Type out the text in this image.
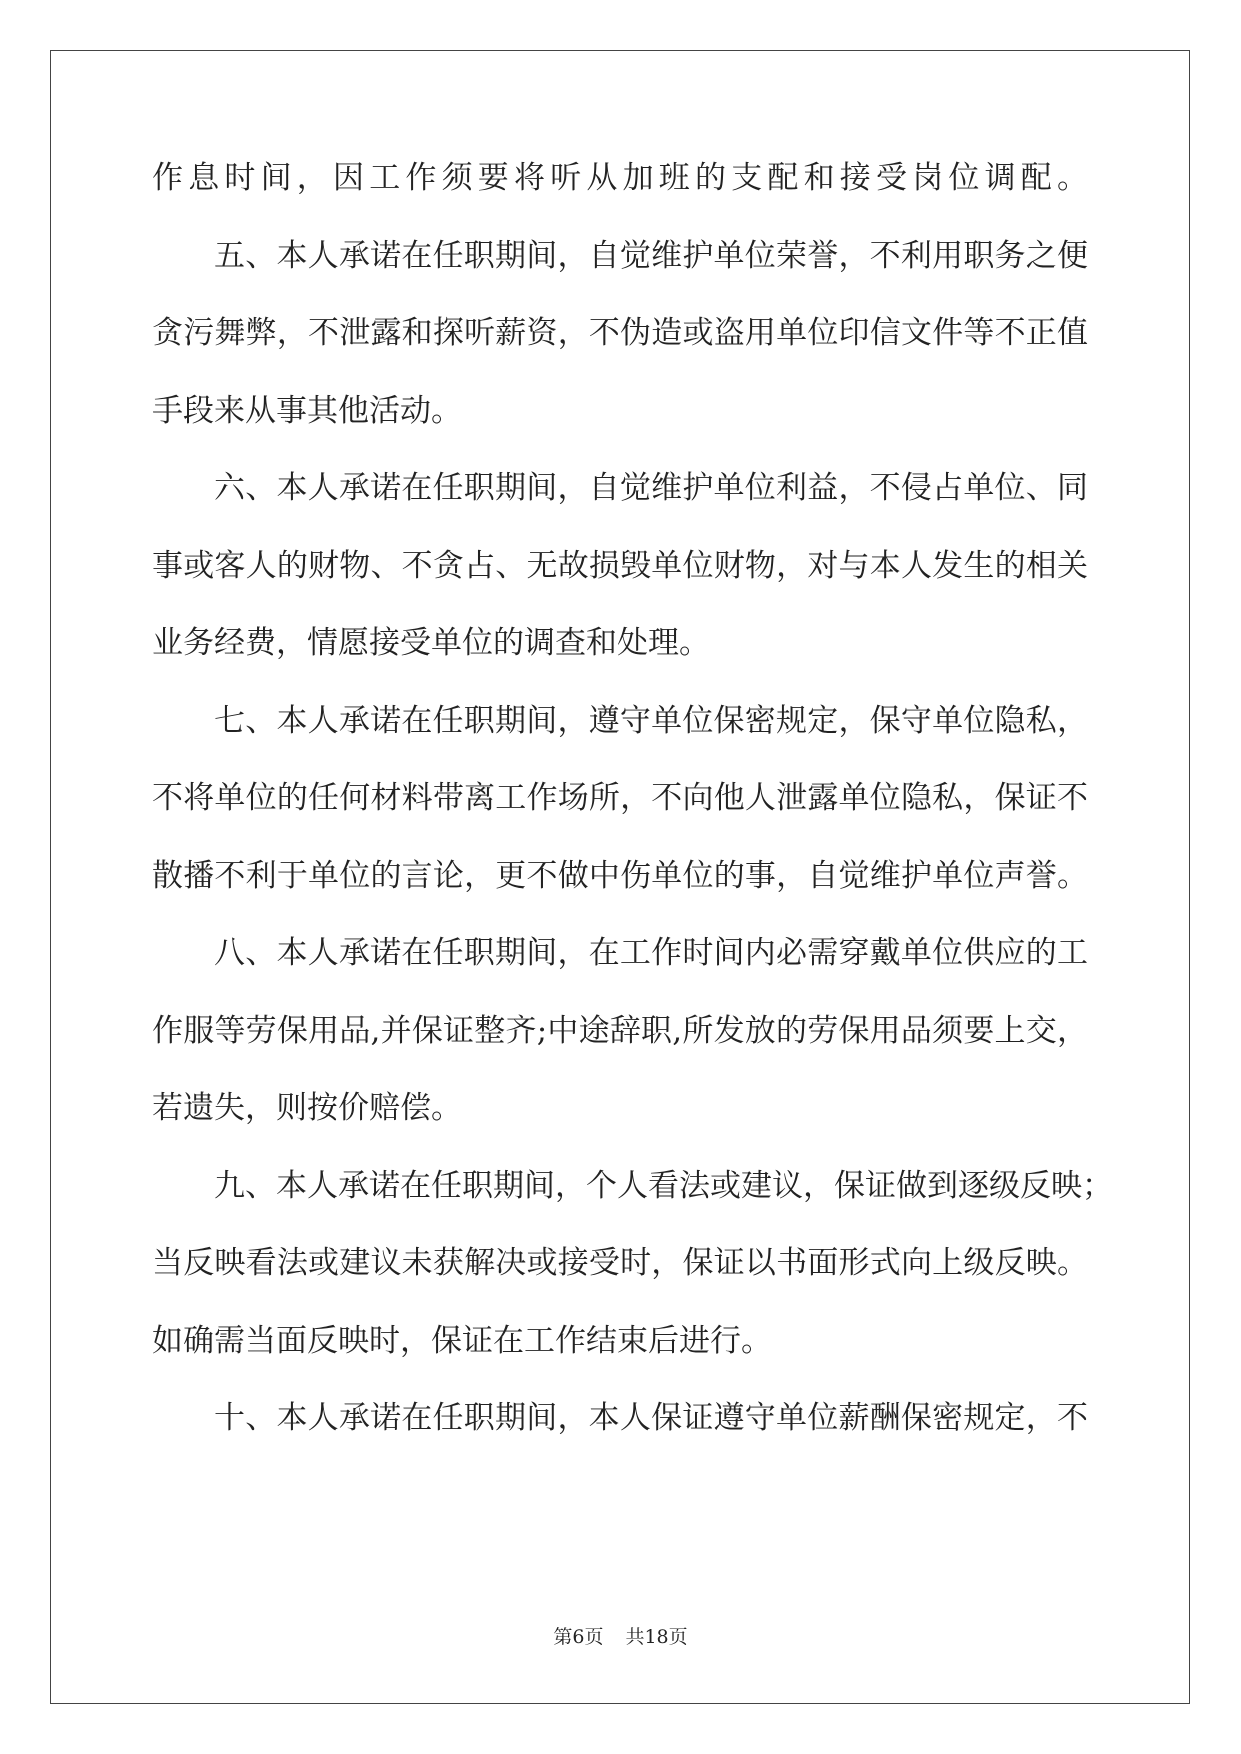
作息时间，因工作须要将听从加班的支配和接受岗位调配。
五、本人承诺在任职期间，自觉维护单位荣誉，不利用职务之便
贪污舞弊，不泄露和探听薪资，不伪造或盗用单位印信文件等不正值
手段来从事其他活动。
六、本人承诺在任职期间，自觉维护单位利益，不侵占单位、同
事或客人的财物、不贪占、无故损毁单位财物，对与本人发生的相关
业务经费，情愿接受单位的调查和处理。
七、本人承诺在任职期间，遵守单位保密规定，保守单位隐私，
不将单位的任何材料带离工作场所，不向他人泄露单位隐私，保证不
散播不利于单位的言论，更不做中伤单位的事，自觉维护单位声誉。
八、本人承诺在任职期间，在工作时间内必需穿戴单位供应的工
作服等劳保用品,并保证整齐;中途辞职,所发放的劳保用品须要上交，
若遗失，则按价赔偿。
九、本人承诺在任职期间，个人看法或建议，保证做到逐级反映；
当反映看法或建议未获解决或接受时，保证以书面形式向上级反映。
如确需当面反映时，保证在工作结束后进行。
十、本人承诺在任职期间，本人保证遵守单位薪酬保密规定，不
第6页 共18页
